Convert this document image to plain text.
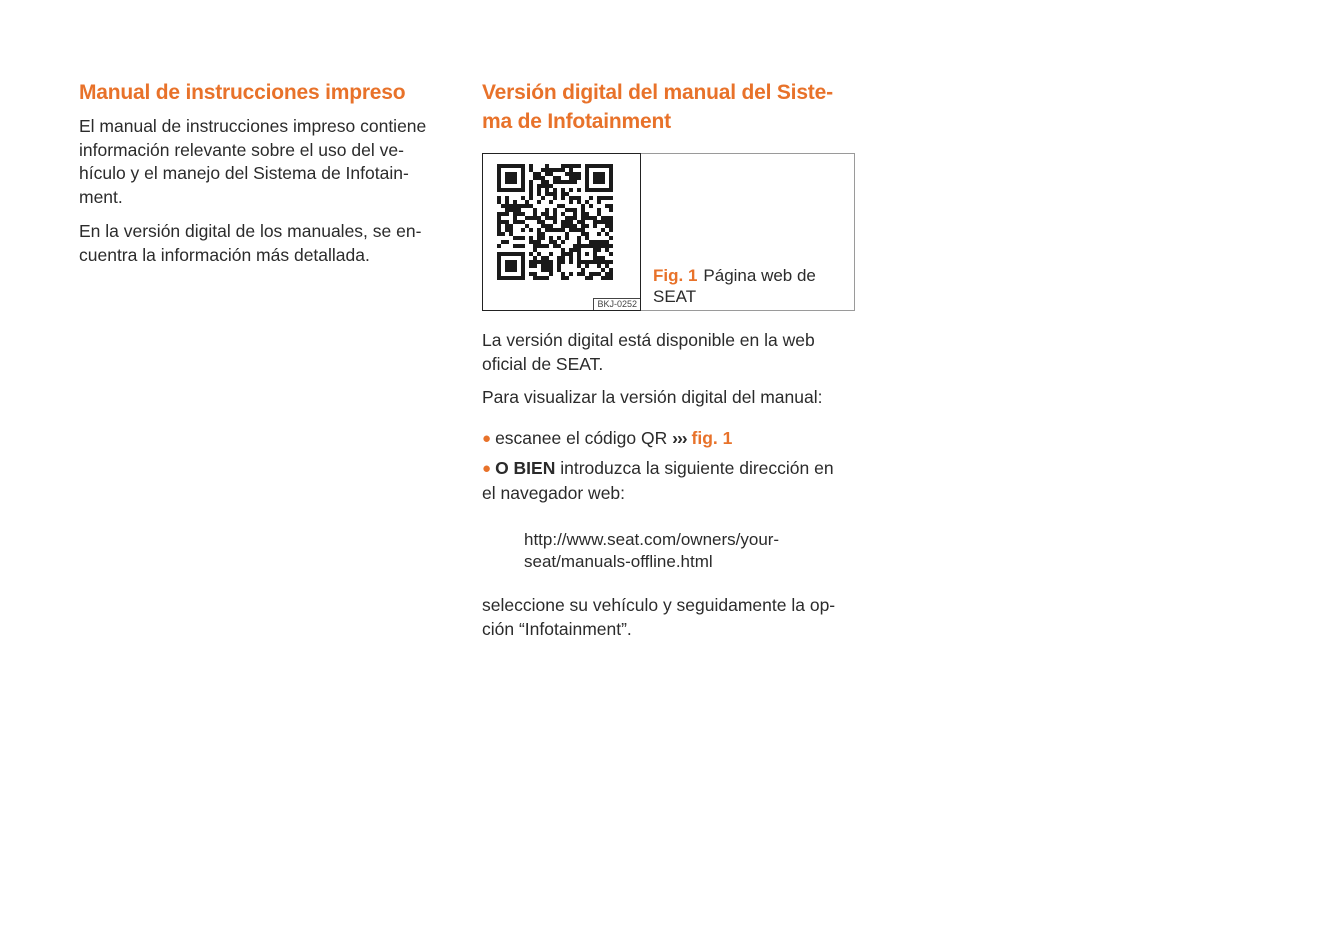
Manual de instrucciones impreso

El manual de instrucciones impreso contiene
información relevante sobre el uso del ve-
hículo y el manejo del Sistema de Infotain-
ment.

En la versión digital de los manuales, se en-
cuentra la información más detallada.

Versión digital del manual del Siste-
ma de Infotainment
BKJ-0252
Fig. 1 Página web de
SEAT

La versión digital está disponible en la web
oficial de SEAT.

Para visualizar la versión digital del manual:

● escanee el código QR ››› fig. 1

● O BIEN introduzca la siguiente dirección en
el navegador web:

http://www.seat.com/owners/your-
seat/manuals-offline.html

seleccione su vehículo y seguidamente la op-
ción “Infotainment”.
